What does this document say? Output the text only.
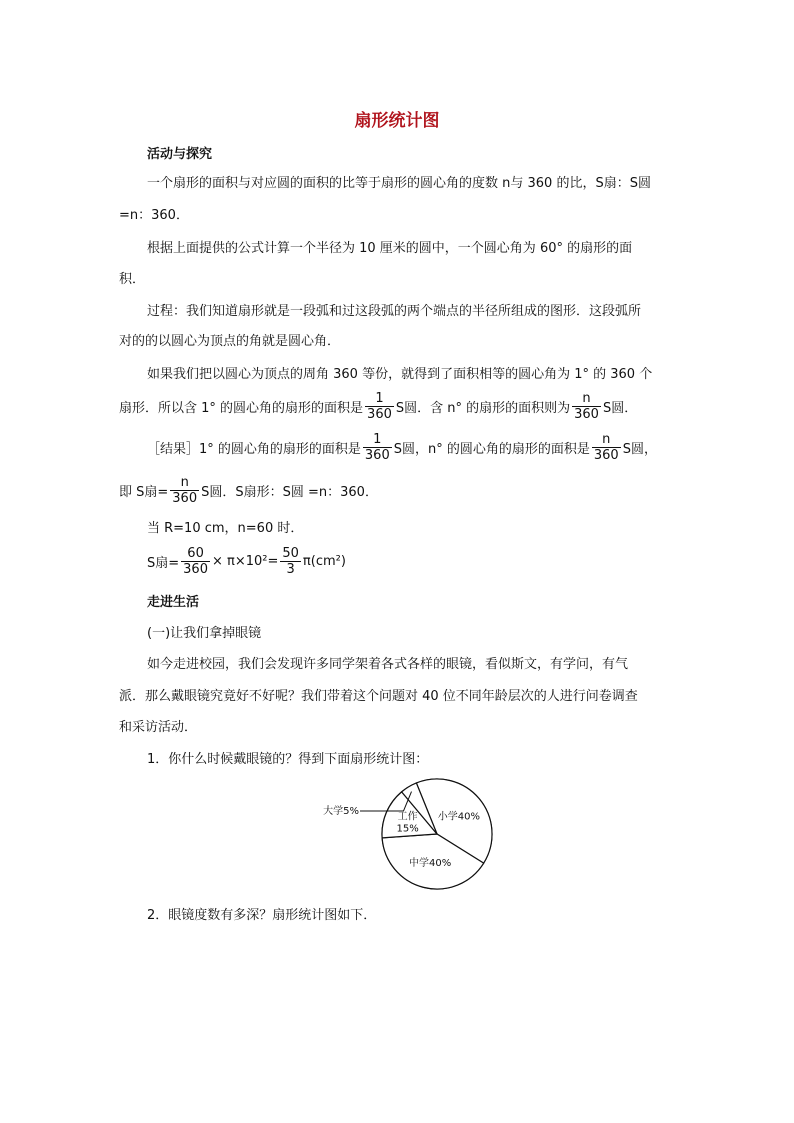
扇形统计图
活动与探究
一个扇形的面积与对应圆的面积的比等于扇形的圆心角的度数 n与 360 的比，S扇：S圆
=n：360．
根据上面提供的公式计算一个半径为 10 厘米的圆中，一个圆心角为 60° 的扇形的面
积．
过程：我们知道扇形就是一段弧和过这段弧的两个端点的半径所组成的图形．这段弧所
对的的以圆心为顶点的角就是圆心角．
如果我们把以圆心为顶点的周角 360 等份，就得到了面积相等的圆心角为 1° 的 360 个
扇形．所以含 1° 的圆心角的扇形的面积是 $\frac{1}{360}$ S圆．含 n° 的扇形的面积则为 $\frac{n}{360}$ S圆．
［结果］1° 的圆心角的扇形的面积是 $\frac{1}{360}$ S圆，n° 的圆心角的扇形的面积是 $\frac{n}{360}$ S圆，
即 S扇= $\frac{n}{360}$ S圆．S扇形：S圆 =n：360．
当 R=10 cm，n=60 时．
S扇= $\frac{60}{360} \times \pi\times 10^2= \frac{50}{3} \pi(cm^2)$
走进生活
(一)让我们拿掉眼镜
如今走进校园，我们会发现许多同学架着各式各样的眼镜，看似斯文，有学问，有气
派．那么戴眼镜究竟好不好呢？我们带着这个问题对 40 位不同年龄层次的人进行问卷调查
和采访活动．
1．你什么时候戴眼镜的？得到下面扇形统计图：
小学40%
中学40%
工作 15%
大学5%
2．眼镜度数有多深？扇形统计图如下．
